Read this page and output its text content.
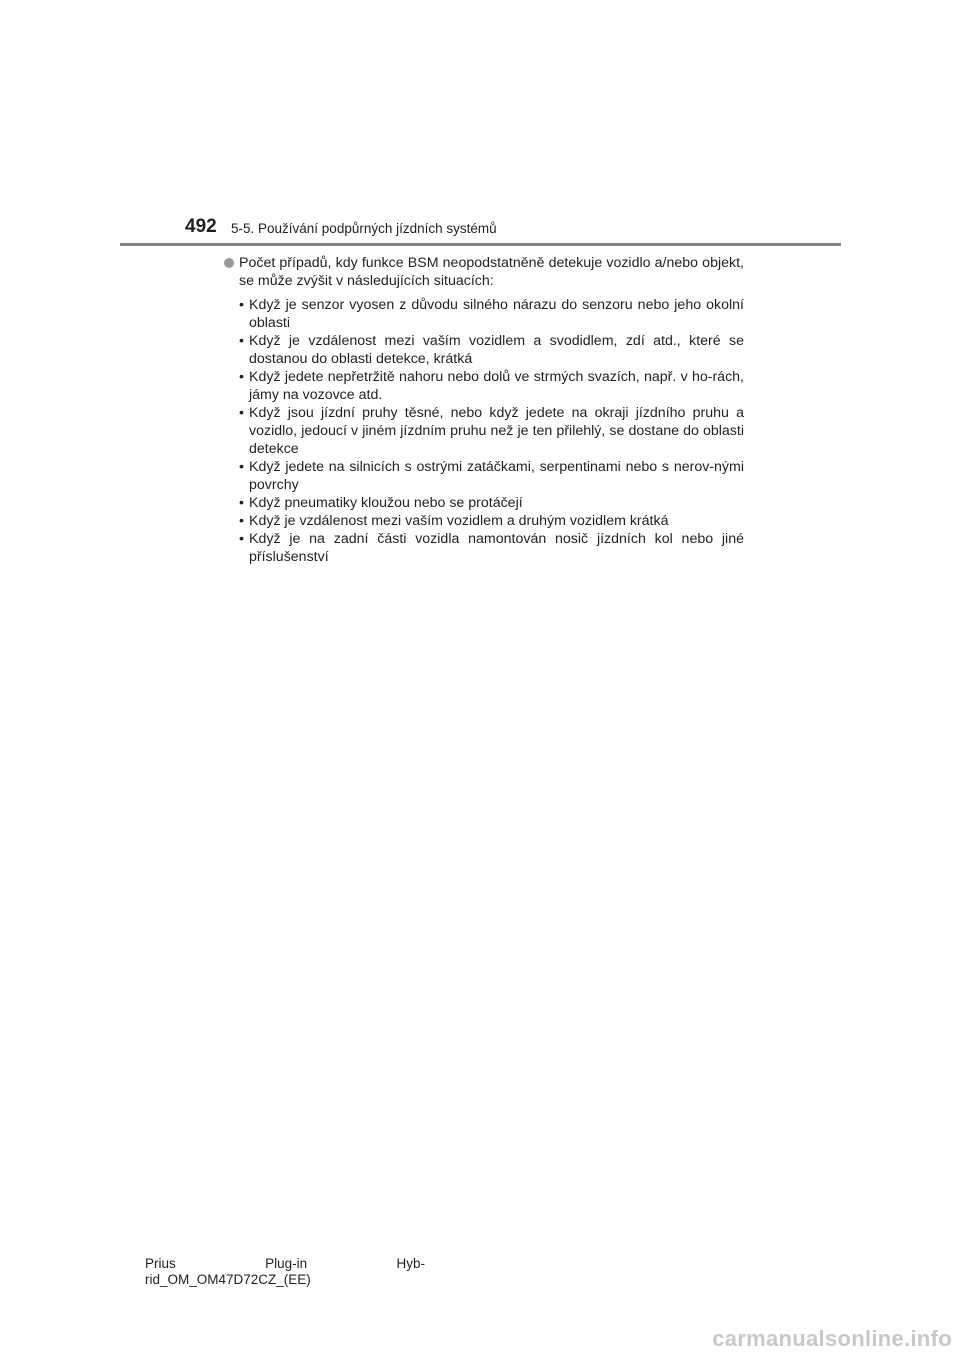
492 5-5. Používání podpůrných jízdních systémů
Počet případů, kdy funkce BSM neopodstatněně detekuje vozidlo a/nebo objekt, se může zvýšit v následujících situacích:
• Když je senzor vyosen z důvodu silného nárazu do senzoru nebo jeho okolní oblasti
• Když je vzdálenost mezi vaším vozidlem a svodidlem, zdí atd., které se dostanou do oblasti detekce, krátká
• Když jedete nepřetržitě nahoru nebo dolů ve strmých svazích, např. v ho-rách, jámy na vozovce atd.
• Když jsou jízdní pruhy těsné, nebo když jedete na okraji jízdního pruhu a vozidlo, jedoucí v jiném jízdním pruhu než je ten přilehlý, se dostane do oblasti detekce
• Když jedete na silnicích s ostrými zatáčkami, serpentinami nebo s nerov-nými povrchy
• Když pneumatiky kloužou nebo se protáčejí
• Když je vzdálenost mezi vaším vozidlem a druhým vozidlem krátká
• Když je na zadní části vozidla namontován nosič jízdních kol nebo jiné příslušenství
Prius	Plug-in	Hyb-
rid_OM_OM47D72CZ_(EE)
carmanualsonline.info
